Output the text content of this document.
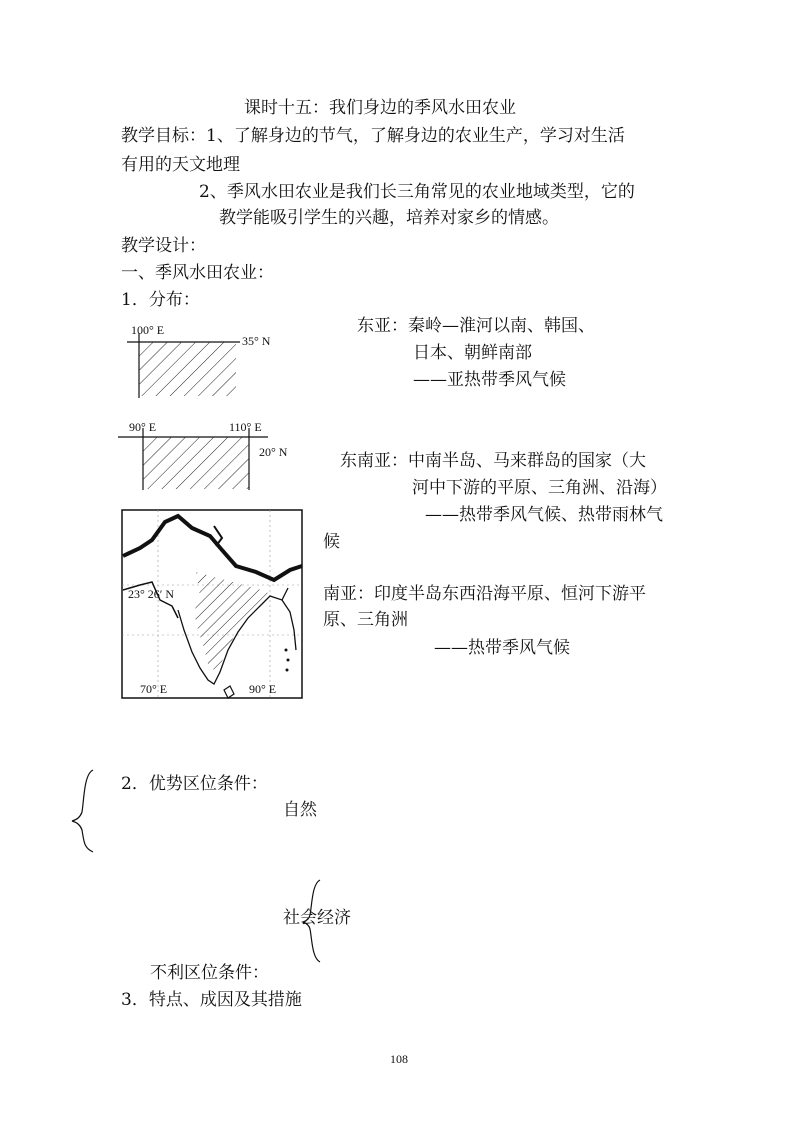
课时十五：我们身边的季风水田农业
教学目标：1、了解身边的节气，了解身边的农业生产，学习对生活
有用的天文地理
2、季风水田农业是我们长三角常见的农业地域类型，它的
教学能吸引学生的兴趣，培养对家乡的情感。
教学设计：
一、季风水田农业：
1．分布：
100° E
35° N
90° E	110° E
20° N
23° 26′ N
70° E	90° E
东亚：秦岭—淮河以南、韩国、
日本、朝鲜南部
——亚热带季风气候
东南亚：中南半岛、马来群岛的国家（大
河中下游的平原、三角洲、沿海）
——热带季风气候、热带雨林气
候
南亚：印度半岛东西沿海平原、恒河下游平
原、三角洲
——热带季风气候
2．优势区位条件：
自然
社会经济
不利区位条件：
3．特点、成因及其措施
108
